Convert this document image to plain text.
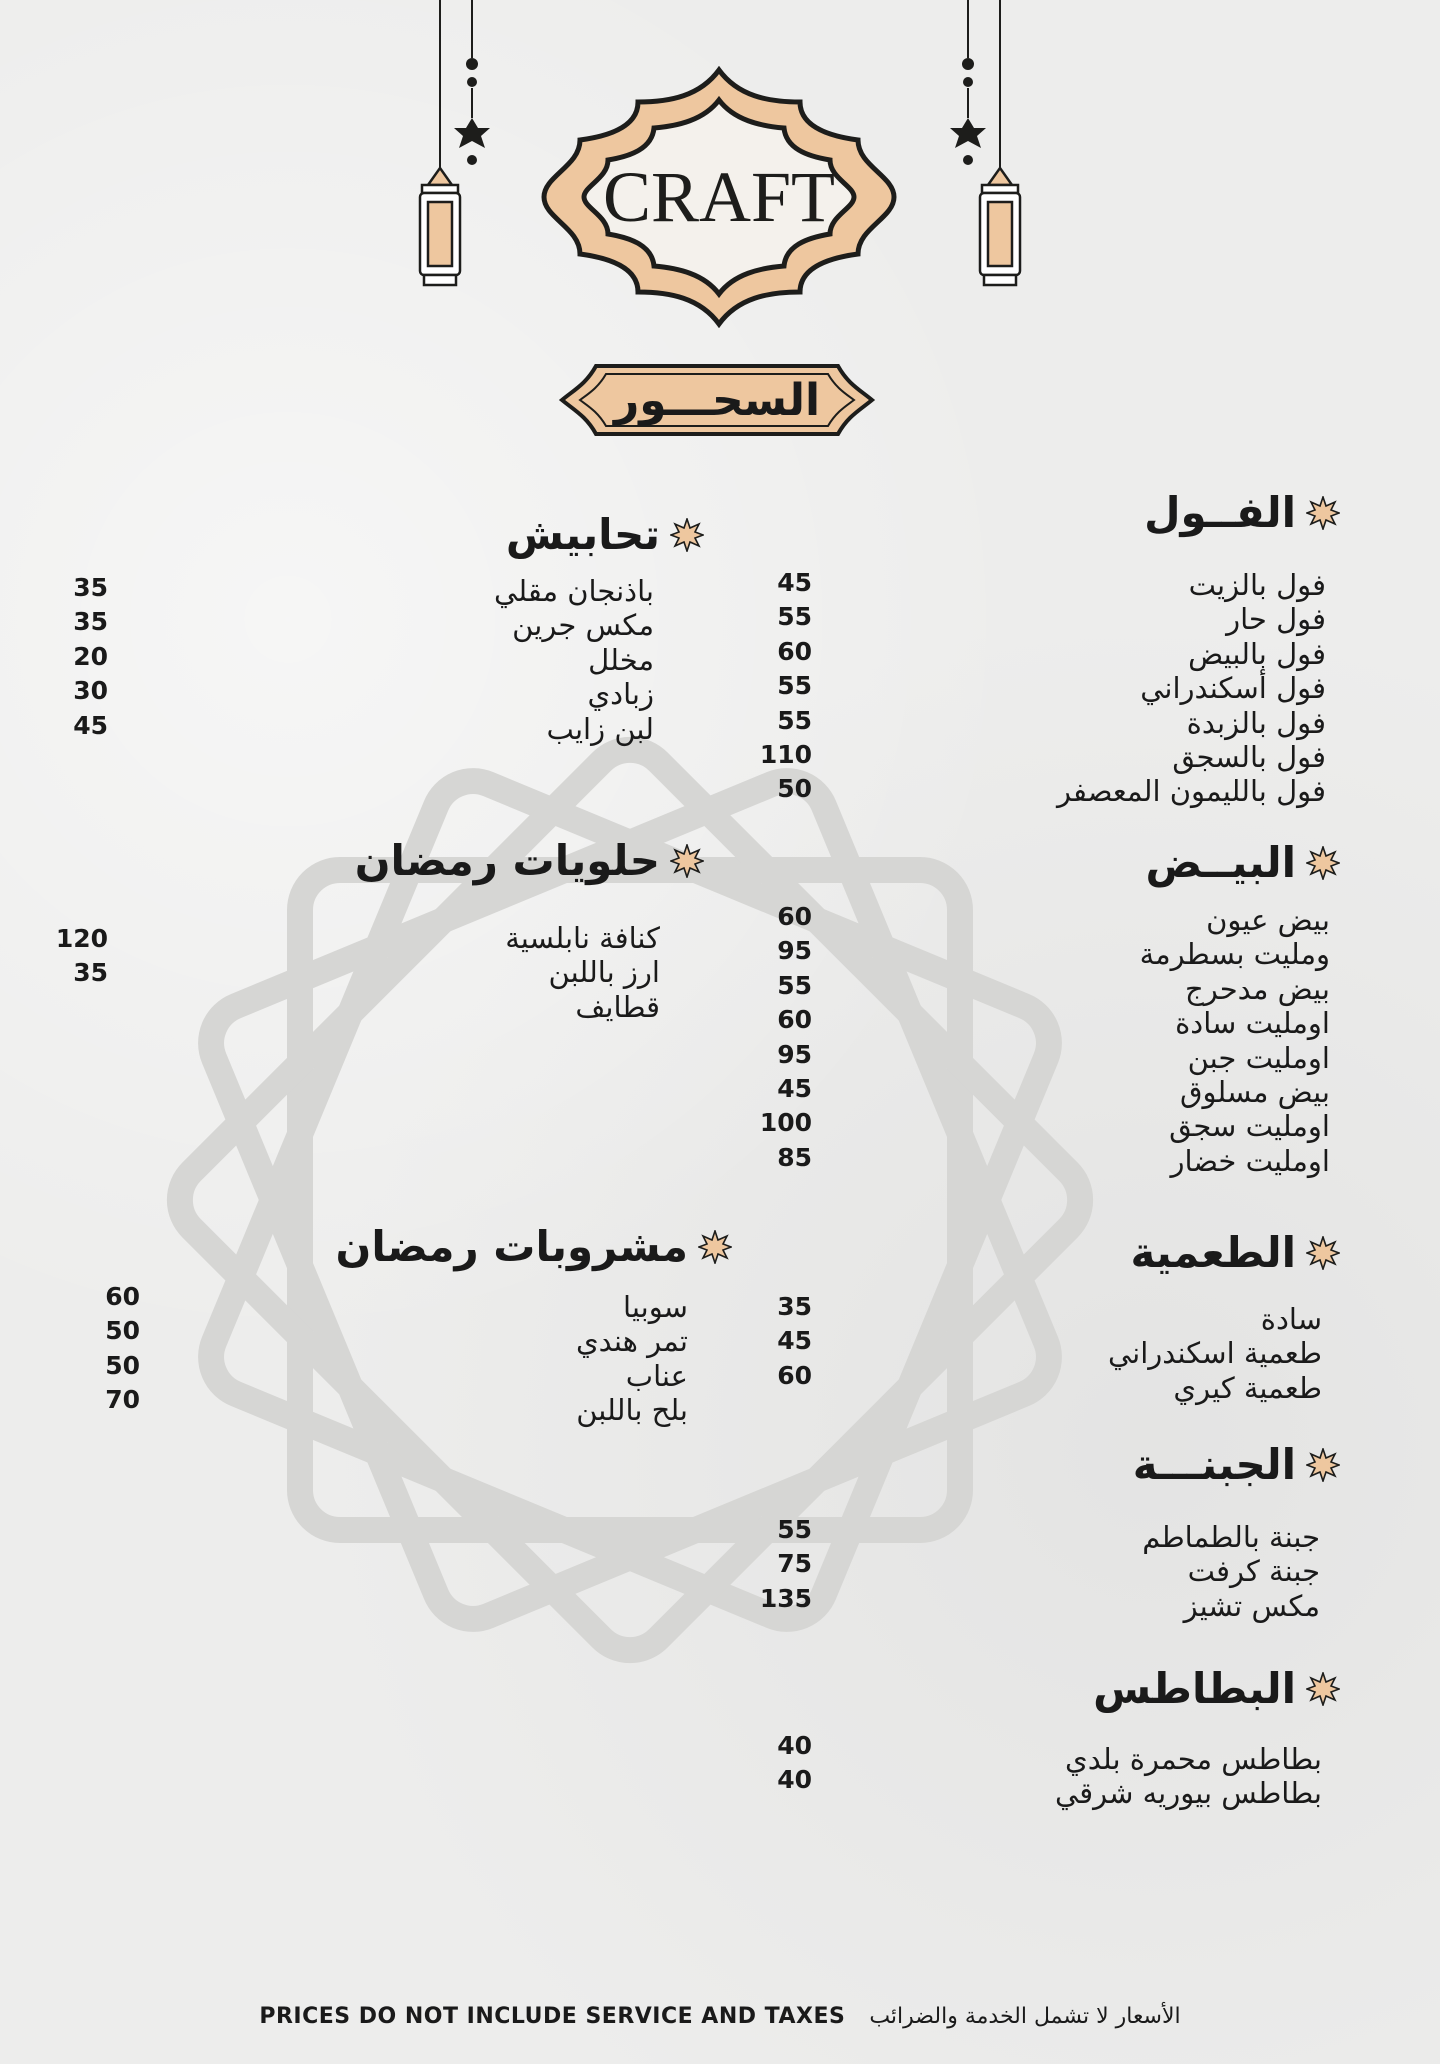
CRAFT
السحـــور
الفــول
فول بالزيت
فول حار
فول بالبيض
فول أسكندراني
فول بالزبدة
فول بالسجق
فول بالليمون المعصفر
45
55
60
55
55
110
50
البيــض
بيض عيون
ومليت بسطرمة
بيض مدحرج
اومليت سادة
اومليت جبن
بيض مسلوق
اومليت سجق
اومليت خضار
60
95
55
60
95
45
100
85
الطعمية
سادة
طعمية اسكندراني
طعمية كيري
35
45
60
الجبنـــة
جبنة بالطماطم
جبنة كرفت
مكس تشيز
55
75
135
البطاطس
بطاطس محمرة بلدي
بطاطس بيوريه شرقي
40
40
تحابيش
باذنجان مقلي
مكس جرين
مخلل
زبادي
لبن زايب
35
35
20
30
45
حلويات رمضان
كنافة نابلسية
ارز باللبن
قطايف
120
35
مشروبات رمضان
سوبيا
تمر هندي
عناب
بلح باللبن
60
50
50
70
PRICES DO NOT INCLUDE SERVICE AND TAXES الأسعار لا تشمل الخدمة والضرائب
